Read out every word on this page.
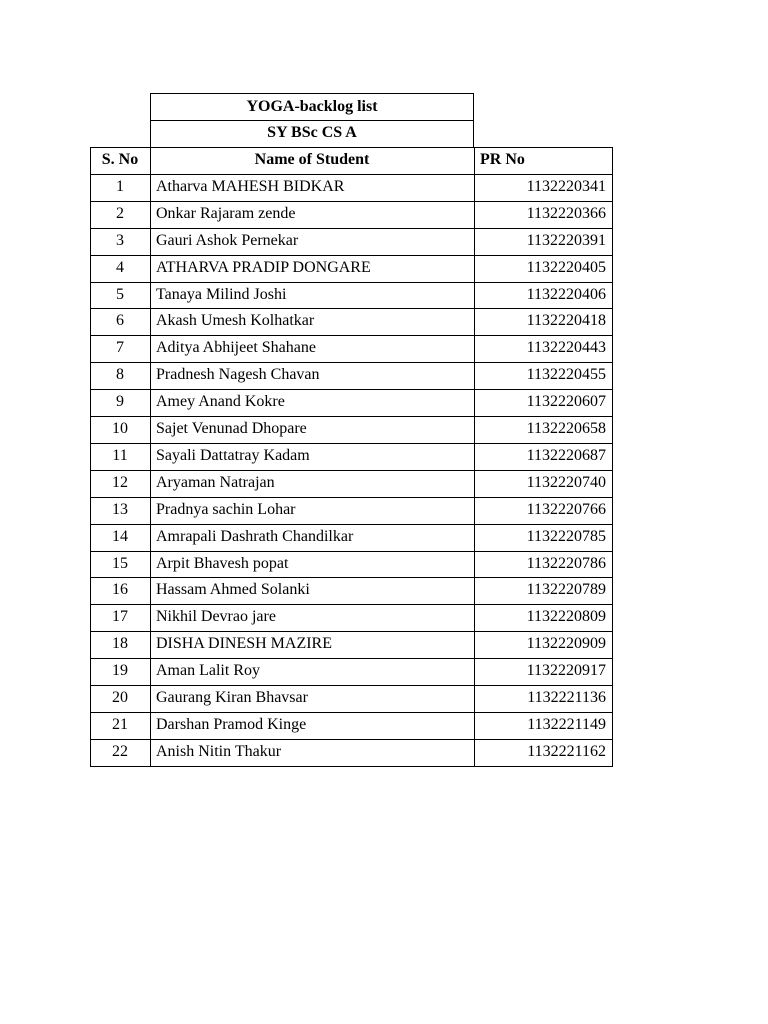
YOGA-backlog list
SY BSc CS A
S. No	Name of Student	PR No
1	Atharva MAHESH BIDKAR	1132220341
2	Onkar Rajaram zende	1132220366
3	Gauri Ashok Pernekar	1132220391
4	ATHARVA PRADIP DONGARE	1132220405
5	Tanaya Milind Joshi	1132220406
6	Akash Umesh Kolhatkar	1132220418
7	Aditya Abhijeet Shahane	1132220443
8	Pradnesh Nagesh Chavan	1132220455
9	Amey Anand Kokre	1132220607
10	Sajet Venunad Dhopare	1132220658
11	Sayali Dattatray Kadam	1132220687
12	Aryaman Natrajan	1132220740
13	Pradnya sachin Lohar	1132220766
14	Amrapali Dashrath Chandilkar	1132220785
15	Arpit Bhavesh popat	1132220786
16	Hassam Ahmed Solanki	1132220789
17	Nikhil Devrao jare	1132220809
18	DISHA DINESH MAZIRE	1132220909
19	Aman Lalit Roy	1132220917
20	Gaurang Kiran Bhavsar	1132221136
21	Darshan Pramod Kinge	1132221149
22	Anish Nitin Thakur	1132221162
